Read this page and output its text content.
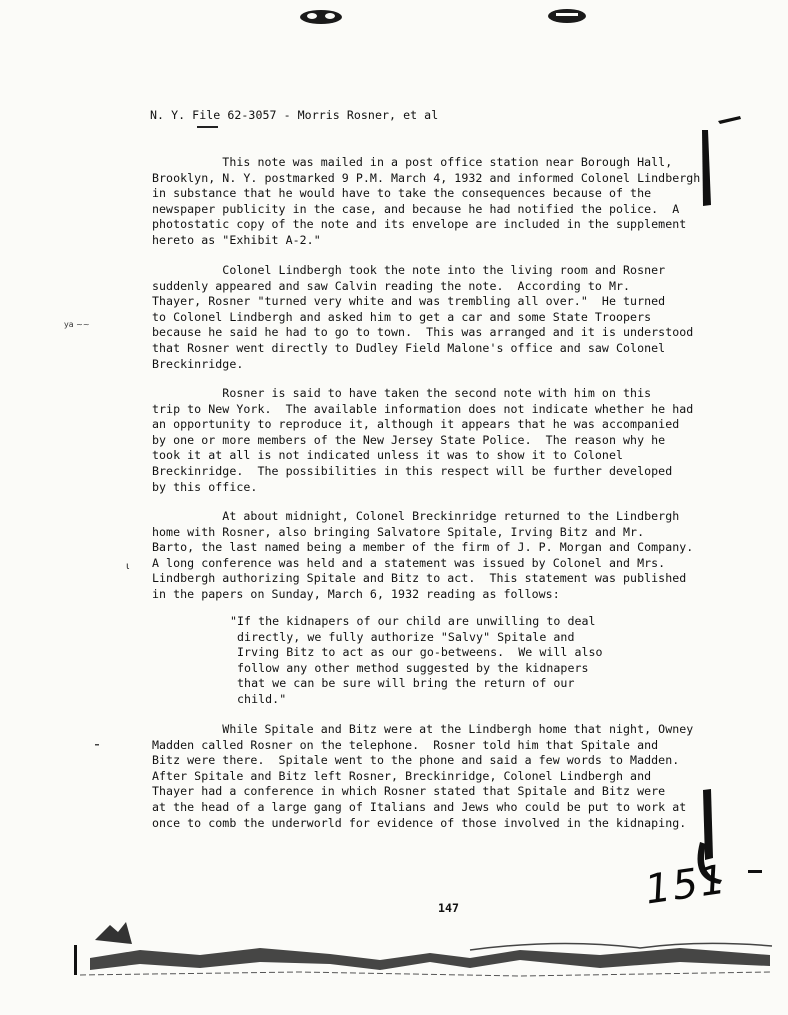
ya ~~
ι
N. Y. File 62-3057 - Morris Rosner, et al
This note was mailed in a post office station near Borough Hall,
Brooklyn, N. Y. postmarked 9 P.M. March 4, 1932 and informed Colonel Lindbergh
in substance that he would have to take the consequences because of the
newspaper publicity in the case, and because he had notified the police.  A
photostatic copy of the note and its envelope are included in the supplement
hereto as "Exhibit A-2."
Colonel Lindbergh took the note into the living room and Rosner
suddenly appeared and saw Calvin reading the note.  According to Mr.
Thayer, Rosner "turned very white and was trembling all over."  He turned
to Colonel Lindbergh and asked him to get a car and some State Troopers
because he said he had to go to town.  This was arranged and it is understood
that Rosner went directly to Dudley Field Malone's office and saw Colonel
Breckinridge.
Rosner is said to have taken the second note with him on this
trip to New York.  The available information does not indicate whether he had
an opportunity to reproduce it, although it appears that he was accompanied
by one or more members of the New Jersey State Police.  The reason why he
took it at all is not indicated unless it was to show it to Colonel
Breckinridge.  The possibilities in this respect will be further developed
by this office.
At about midnight, Colonel Breckinridge returned to the Lindbergh
home with Rosner, also bringing Salvatore Spitale, Irving Bitz and Mr.
Barto, the last named being a member of the firm of J. P. Morgan and Company.
A long conference was held and a statement was issued by Colonel and Mrs.
Lindbergh authorizing Spitale and Bitz to act.  This statement was published
in the papers on Sunday, March 6, 1932 reading as follows:
"If the kidnapers of our child are unwilling to deal
directly, we fully authorize "Salvy" Spitale and
Irving Bitz to act as our go-betweens.  We will also
follow any other method suggested by the kidnapers
that we can be sure will bring the return of our
child."
While Spitale and Bitz were at the Lindbergh home that night, Owney
Madden called Rosner on the telephone.  Rosner told him that Spitale and
Bitz were there.  Spitale went to the phone and said a few words to Madden.
After Spitale and Bitz left Rosner, Breckinridge, Colonel Lindbergh and
Thayer had a conference in which Rosner stated that Spitale and Bitz were
at the head of a large gang of Italians and Jews who could be put to work at
once to comb the underworld for evidence of those involved in the kidnaping.
147	151
